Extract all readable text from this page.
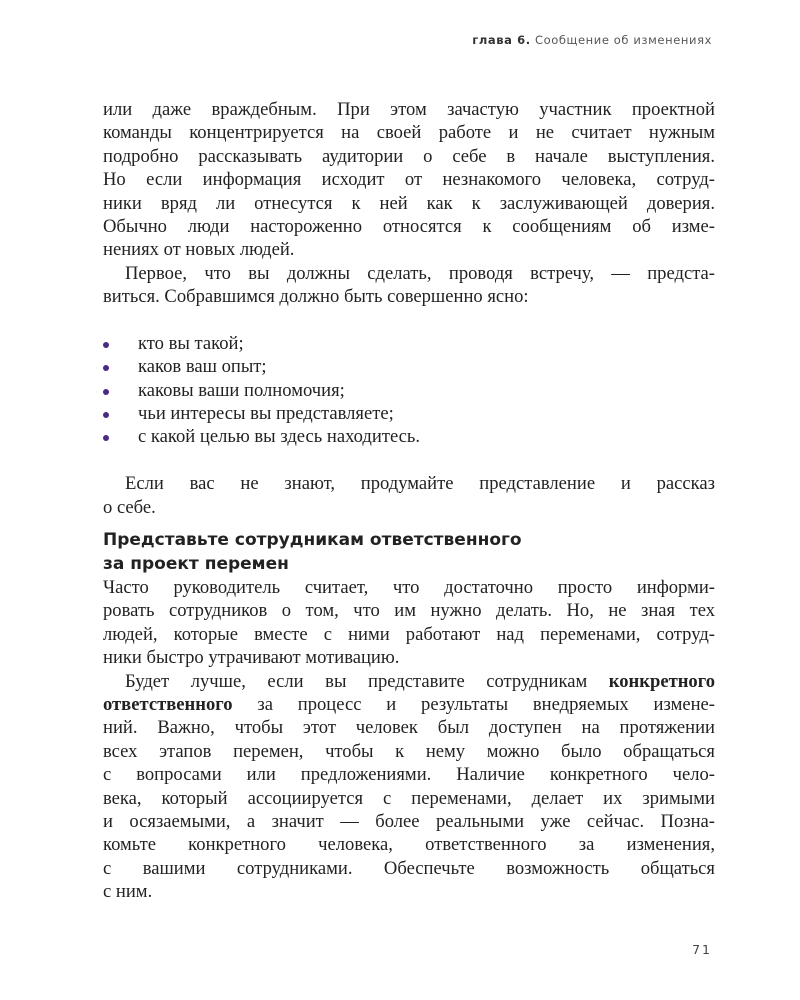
глава 6. Сообщение об изменениях
или даже враждебным. При этом зачастую участник проектной
команды концентрируется на своей работе и не считает нужным
подробно рассказывать аудитории о себе в начале выступления.
Но если информация исходит от незнакомого человека, сотруд-
ники вряд ли отнесутся к ней как к заслуживающей доверия.
Обычно люди настороженно относятся к сообщениям об изме-
нениях от новых людей.
Первое, что вы должны сделать, проводя встречу, — предста-
виться. Собравшимся должно быть совершенно ясно:
кто вы такой;
каков ваш опыт;
каковы ваши полномочия;
чьи интересы вы представляете;
с какой целью вы здесь находитесь.
Если вас не знают, продумайте представление и рассказ
о себе.
Представьте сотрудникам ответственного
за проект перемен
Часто руководитель считает, что достаточно просто информи-
ровать сотрудников о том, что им нужно делать. Но, не зная тех
людей, которые вместе с ними работают над переменами, сотруд-
ники быстро утрачивают мотивацию.
Будет лучше, если вы представите сотрудникам конкретного
ответственного за процесс и результаты внедряемых измене-
ний. Важно, чтобы этот человек был доступен на протяжении
всех этапов перемен, чтобы к нему можно было обращаться
с вопросами или предложениями. Наличие конкретного чело-
века, который ассоциируется с переменами, делает их зримыми
и осязаемыми, а значит — более реальными уже сейчас. Позна-
комьте конкретного человека, ответственного за изменения,
с вашими сотрудниками. Обеспечьте возможность общаться
с ним.
71
